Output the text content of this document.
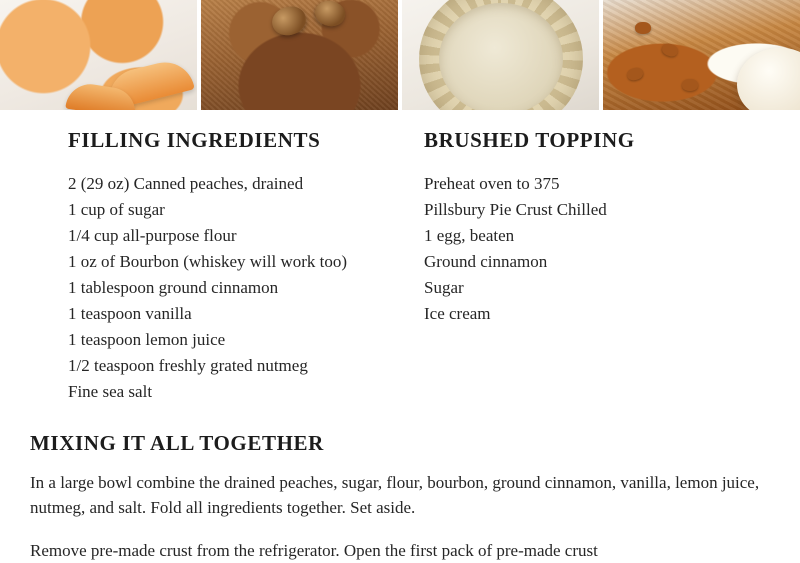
FILLING INGREDIENTS
2 (29 oz) Canned peaches, drained
1 cup of sugar
1/4 cup all-purpose flour
1 oz of Bourbon (whiskey will work too)
1 tablespoon ground cinnamon
1 teaspoon vanilla
1 teaspoon lemon juice
1/2 teaspoon freshly grated nutmeg
Fine sea salt
BRUSHED TOPPING
Preheat oven to 375
Pillsbury Pie Crust Chilled
1 egg, beaten
Ground cinnamon
Sugar
Ice cream
MIXING IT ALL TOGETHER

In a large bowl combine the drained peaches, sugar, flour, bourbon, ground cinnamon, vanilla, lemon juice, nutmeg, and salt. Fold all ingredients together. Set aside.

Remove pre-made crust from the refrigerator. Open the first pack of pre-made crust
